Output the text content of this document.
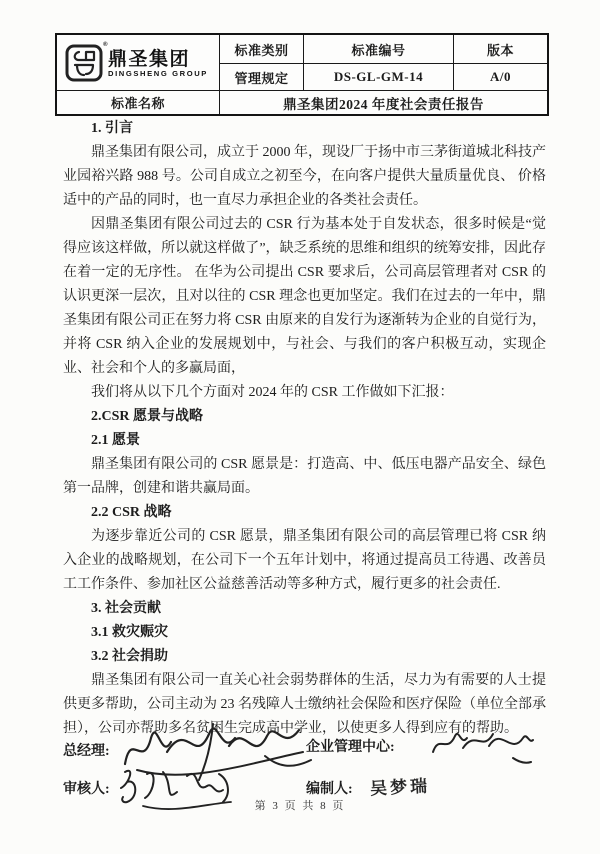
®
鼎圣集团
DINGSHENG GROUP
标准类别	标准编号	版本
管理规定	DS-GL-GM-14	A/0
标准名称	鼎圣集团2024 年度社会责任报告

1. 引言

鼎圣集团有限公司，成立于 2000 年，现设厂于扬中市三茅街道城北科技产业园裕兴路 988 号。公司自成立之初至今，在向客户提供大量质量优良、 价格适中的产品的同时，也一直尽力承担企业的各类社会责任。

因鼎圣集团有限公司过去的 CSR 行为基本处于自发状态，很多时候是“觉得应该这样做，所以就这样做了”，缺乏系统的思维和组织的统筹安排，因此存在着一定的无序性。 在华为公司提出 CSR 要求后，公司高层管理者对 CSR 的认识更深一层次，且对以往的 CSR 理念也更加坚定。我们在过去的一年中，鼎圣集团有限公司正在努力将 CSR 由原来的自发行为逐渐转为企业的自觉行为，并将 CSR 纳入企业的发展规划中，与社会、与我们的客户积极互动，实现企业、社会和个人的多赢局面，

我们将从以下几个方面对 2024 年的 CSR 工作做如下汇报：

2.CSR 愿景与战略

2.1 愿景

鼎圣集团有限公司的 CSR 愿景是：打造高、中、低压电器产品安全、绿色第一品牌，创建和谐共赢局面。

2.2 CSR 战略

为逐步靠近公司的 CSR 愿景，鼎圣集团有限公司的高层管理已将 CSR 纳入企业的战略规划，在公司下一个五年计划中，将通过提高员工待遇、改善员工工作条件、参加社区公益慈善活动等多种方式，履行更多的社会责任.

3. 社会贡献

3.1 救灾赈灾

3.2 社会捐助

鼎圣集团有限公司一直关心社会弱势群体的生活，尽力为有需要的人士提供更多帮助，公司主动为 23 名残障人士缴纳社会保险和医疗保险（单位全部承担），公司亦帮助多名贫困生完成高中学业，以使更多人得到应有的帮助。

总经理:	企业管理中心:
审核人:	编制人: 吴梦瑞
第 3 页 共 8 页
